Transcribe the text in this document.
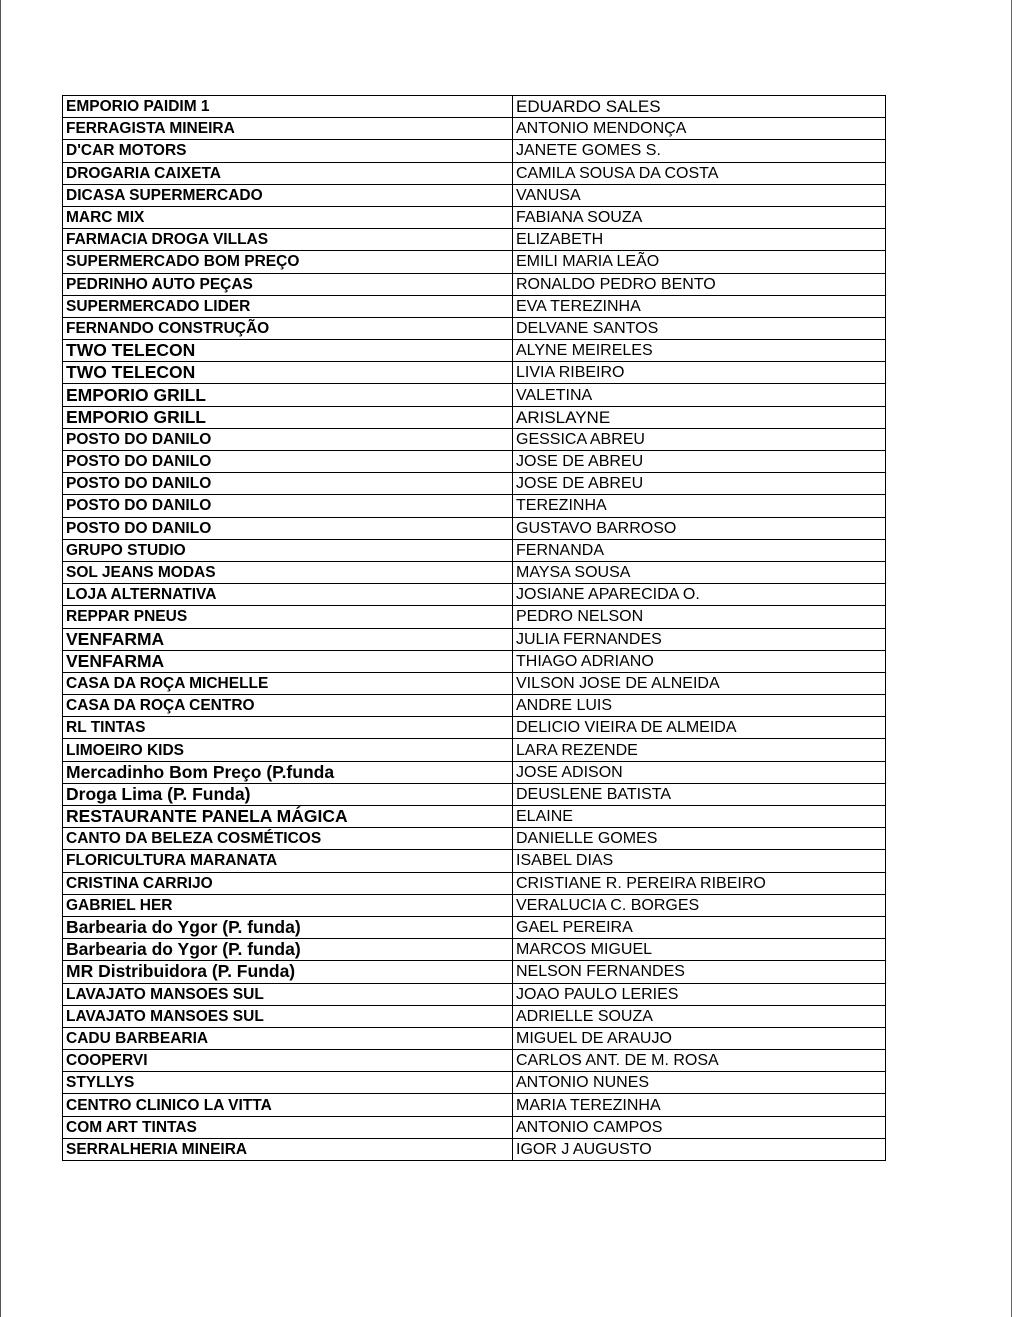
EMPORIO PAIDIM 1	EDUARDO SALES
FERRAGISTA MINEIRA	ANTONIO MENDONÇA
D'CAR MOTORS	JANETE GOMES S.
DROGARIA CAIXETA	CAMILA SOUSA DA COSTA
DICASA SUPERMERCADO	VANUSA
MARC MIX	FABIANA SOUZA
FARMACIA DROGA VILLAS	ELIZABETH
SUPERMERCADO BOM PREÇO	EMILI MARIA LEÃO
PEDRINHO AUTO PEÇAS	RONALDO PEDRO BENTO
SUPERMERCADO LIDER	EVA TEREZINHA
FERNANDO CONSTRUÇÃO	DELVANE SANTOS
TWO TELECON	ALYNE MEIRELES
TWO TELECON	LIVIA RIBEIRO
EMPORIO GRILL	VALETINA
EMPORIO GRILL	ARISLAYNE
POSTO DO DANILO	GESSICA ABREU
POSTO DO DANILO	JOSE DE ABREU
POSTO DO DANILO	JOSE DE ABREU
POSTO DO DANILO	TEREZINHA
POSTO DO DANILO	GUSTAVO BARROSO
GRUPO STUDIO	FERNANDA
SOL JEANS MODAS	MAYSA SOUSA
LOJA ALTERNATIVA	JOSIANE APARECIDA O.
REPPAR PNEUS	PEDRO NELSON
VENFARMA	JULIA FERNANDES
VENFARMA	THIAGO ADRIANO
CASA DA ROÇA MICHELLE	VILSON JOSE DE ALNEIDA
CASA DA ROÇA CENTRO	ANDRE LUIS
RL TINTAS	DELICIO VIEIRA DE ALMEIDA
LIMOEIRO KIDS	LARA REZENDE
Mercadinho Bom Preço (P.funda	JOSE ADISON
Droga Lima (P. Funda)	DEUSLENE BATISTA
RESTAURANTE PANELA MÁGICA	ELAINE
CANTO DA BELEZA COSMÉTICOS	DANIELLE GOMES
FLORICULTURA MARANATA	ISABEL DIAS
CRISTINA CARRIJO	CRISTIANE R. PEREIRA RIBEIRO
GABRIEL HER	VERALUCIA C. BORGES
Barbearia do Ygor (P. funda)	GAEL PEREIRA
Barbearia do Ygor (P. funda)	MARCOS MIGUEL
MR Distribuidora (P. Funda)	NELSON FERNANDES
LAVAJATO MANSOES SUL	JOAO PAULO LERIES
LAVAJATO MANSOES SUL	ADRIELLE SOUZA
CADU BARBEARIA	MIGUEL DE ARAUJO
COOPERVI	CARLOS ANT. DE M. ROSA
STYLLYS	ANTONIO NUNES
CENTRO CLINICO LA VITTA	MARIA TEREZINHA
COM ART TINTAS	ANTONIO CAMPOS
SERRALHERIA MINEIRA	IGOR J AUGUSTO
